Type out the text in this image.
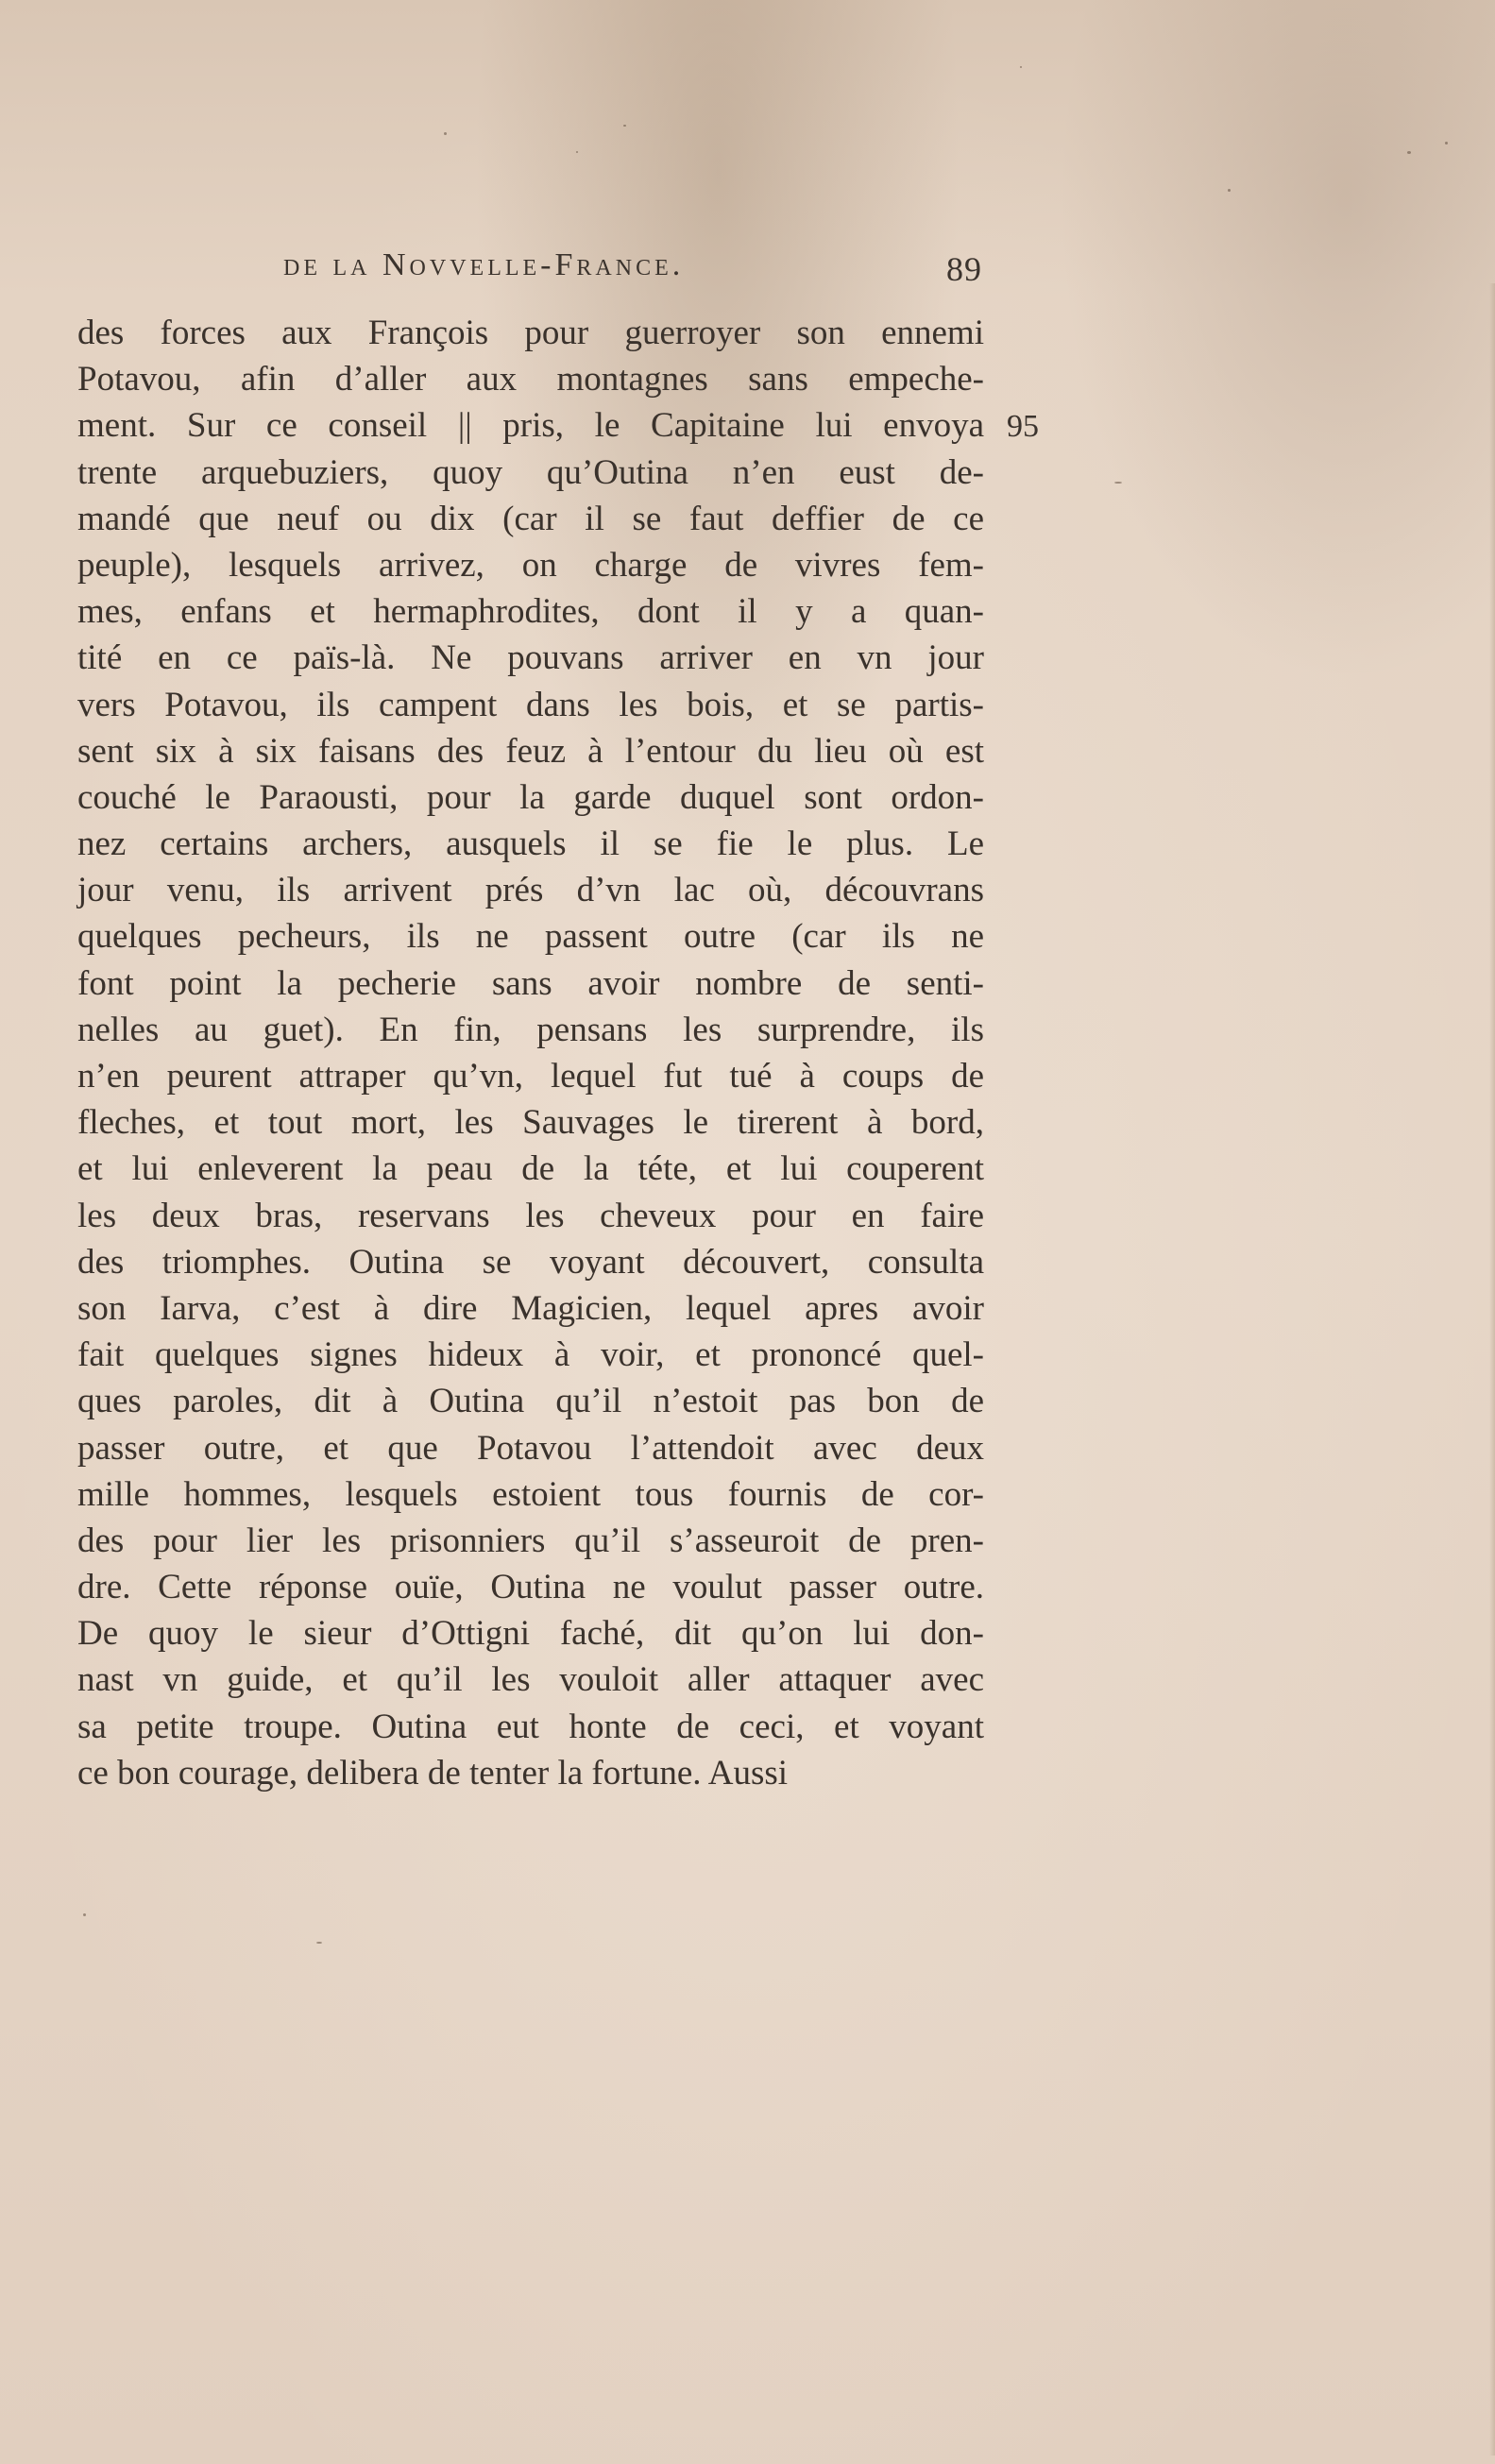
de la Novvelle-France.	89
95
des forces aux François pour guerroyer son ennemi
Potavou, afin d’aller aux montagnes sans empeche-
ment. Sur ce conseil || pris, le Capitaine lui envoya
trente arquebuziers, quoy qu’Outina n’en eust de-
mandé que neuf ou dix (car il se faut deffier de ce
peuple), lesquels arrivez, on charge de vivres fem-
mes, enfans et hermaphrodites, dont il y a quan-
tité en ce païs-là. Ne pouvans arriver en vn jour
vers Potavou, ils campent dans les bois, et se partis-
sent six à six faisans des feuz à l’entour du lieu où est
couché le Paraousti, pour la garde duquel sont ordon-
nez certains archers, ausquels il se fie le plus. Le
jour venu, ils arrivent prés d’vn lac où, découvrans
quelques pecheurs, ils ne passent outre (car ils ne
font point la pecherie sans avoir nombre de senti-
nelles au guet). En fin, pensans les surprendre, ils
n’en peurent attraper qu’vn, lequel fut tué à coups de
fleches, et tout mort, les Sauvages le tirerent à bord,
et lui enleverent la peau de la téte, et lui couperent
les deux bras, reservans les cheveux pour en faire
des triomphes. Outina se voyant découvert, consulta
son Iarva, c’est à dire Magicien, lequel apres avoir
fait quelques signes hideux à voir, et prononcé quel-
ques paroles, dit à Outina qu’il n’estoit pas bon de
passer outre, et que Potavou l’attendoit avec deux
mille hommes, lesquels estoient tous fournis de cor-
des pour lier les prisonniers qu’il s’asseuroit de pren-
dre. Cette réponse ouïe, Outina ne voulut passer outre.
De quoy le sieur d’Ottigni faché, dit qu’on lui don-
nast vn guide, et qu’il les vouloit aller attaquer avec
sa petite troupe. Outina eut honte de ceci, et voyant
ce bon courage, delibera de tenter la fortune. Aussi
